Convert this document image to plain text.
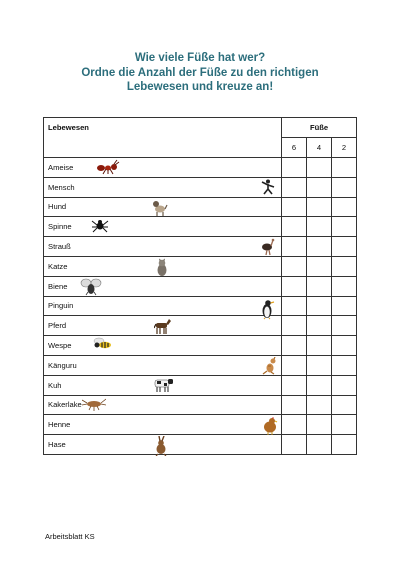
Wie viele Füße hat wer?
Ordne die Anzahl der Füße zu den richtigen
Lebewesen und kreuze an!
Lebewesen	Füße		
	6	4	2
Ameise

Mensch

Hund

Spinne

Strauß

Katze

Biene

Pinguin

Pferd

Wespe

Känguru

Kuh

Kakerlake

Henne

Hase

Arbeitsblatt KS
